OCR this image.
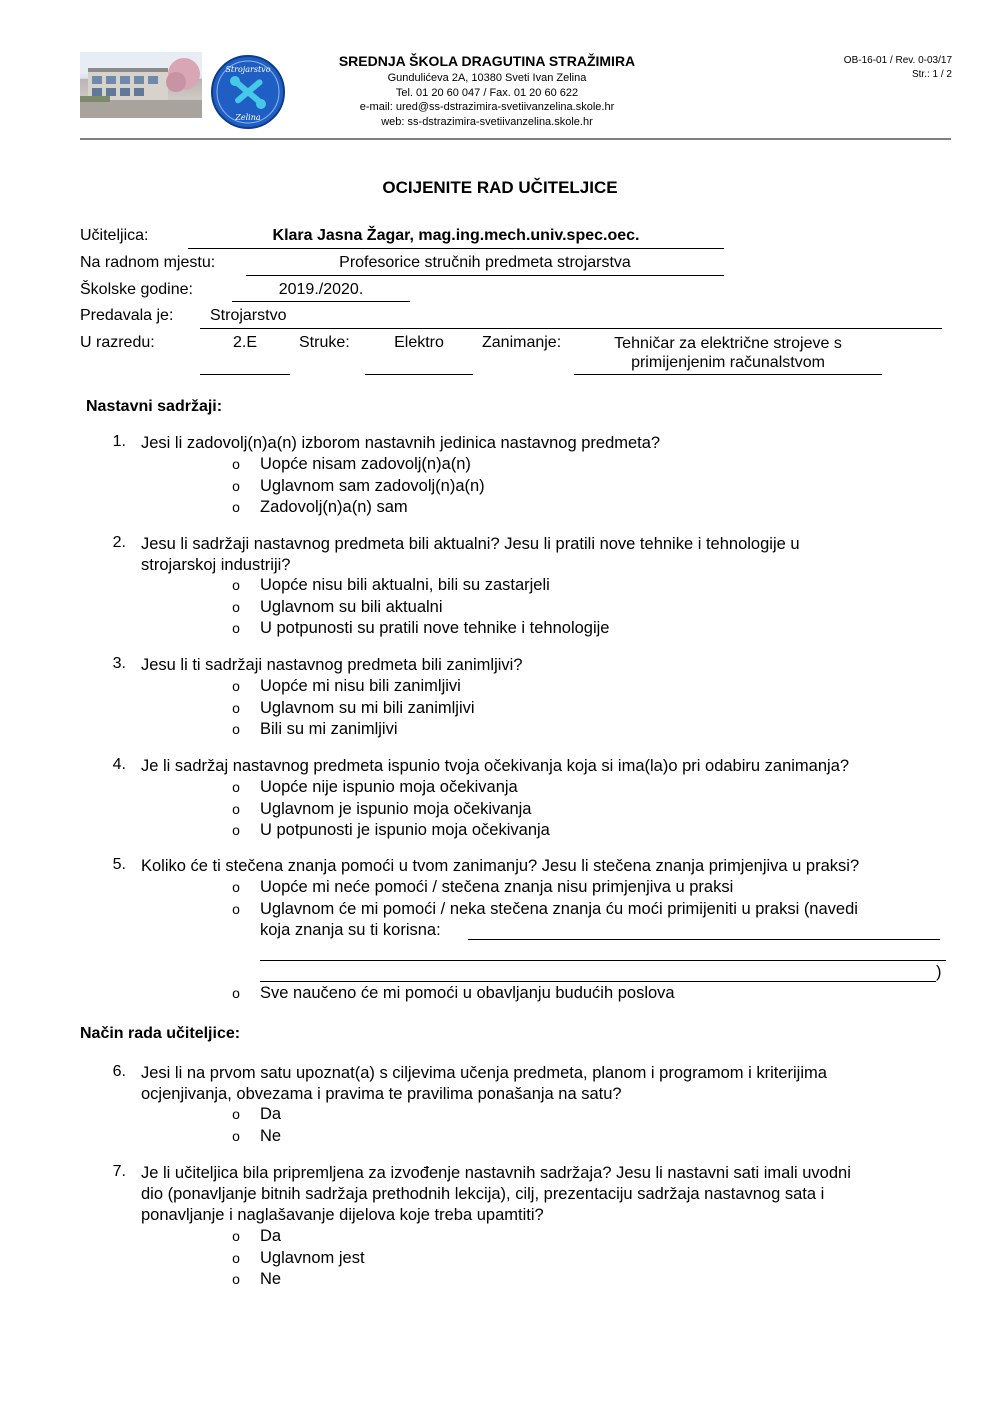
Strojarstvo
Zelina
SREDNJA ŠKOLA DRAGUTINA STRAŽIMIRA
Gundulićeva 2A, 10380 Sveti Ivan Zelina
Tel. 01 20 60 047 / Fax. 01 20 60 622
e-mail: ured@ss-dstrazimira-svetiivanzelina.skole.hr
web: ss-dstrazimira-svetiivanzelina.skole.hr
OB-16-01 / Rev. 0-03/17
Str.: 1 / 2
OCIJENITE RAD UČITELJICE
Učiteljica:	Klara Jasna Žagar, mag.ing.mech.univ.spec.oec.
Na radnom mjestu:	Profesorice stručnih predmeta strojarstva
Školske godine:	2019./2020.
Predavala je: Strojarstvo
U razredu:	2.E	Struke:	Elektro	Zanimanje:	Tehničar za električne strojeve s
primijenjenim računalstvom
Nastavni sadržaji:
1. Jesi li zadovolj(n)a(n) izborom nastavnih jedinica nastavnog predmeta?
o Uopće nisam zadovolj(n)a(n)
o Uglavnom sam zadovolj(n)a(n)
o Zadovolj(n)a(n) sam
2. Jesu li sadržaji nastavnog predmeta bili aktualni? Jesu li pratili nove tehnike i tehnologije u
strojarskoj industriji?
o Uopće nisu bili aktualni, bili su zastarjeli
o Uglavnom su bili aktualni
o U potpunosti su pratili nove tehnike i tehnologije
3. Jesu li ti sadržaji nastavnog predmeta bili zanimljivi?
o Uopće mi nisu bili zanimljivi
o Uglavnom su mi bili zanimljivi
o Bili su mi zanimljivi
4. Je li sadržaj nastavnog predmeta ispunio tvoja očekivanja koja si ima(la)o pri odabiru zanimanja?
o Uopće nije ispunio moja očekivanja
o Uglavnom je ispunio moja očekivanja
o U potpunosti je ispunio moja očekivanja
5. Koliko će ti stečena znanja pomoći u tvom zanimanju? Jesu li stečena znanja primjenjiva u praksi?
o Uopće mi neće pomoći / stečena znanja nisu primjenjiva u praksi
o Uglavnom će mi pomoći / neka stečena znanja ću moći primijeniti u praksi (navedi
koja znanja su ti korisna:
)
o Sve naučeno će mi pomoći u obavljanju budućih poslova
Način rada učiteljice:
6. Jesi li na prvom satu upoznat(a) s ciljevima učenja predmeta, planom i programom i kriterijima
ocjenjivanja, obvezama i pravima te pravilima ponašanja na satu?
o Da
o Ne
7. Je li učiteljica bila pripremljena za izvođenje nastavnih sadržaja? Jesu li nastavni sati imali uvodni
dio (ponavljanje bitnih sadržaja prethodnih lekcija), cilj, prezentaciju sadržaja nastavnog sata i
ponavljanje i naglašavanje dijelova koje treba upamtiti?
o Da
o Uglavnom jest
o Ne
